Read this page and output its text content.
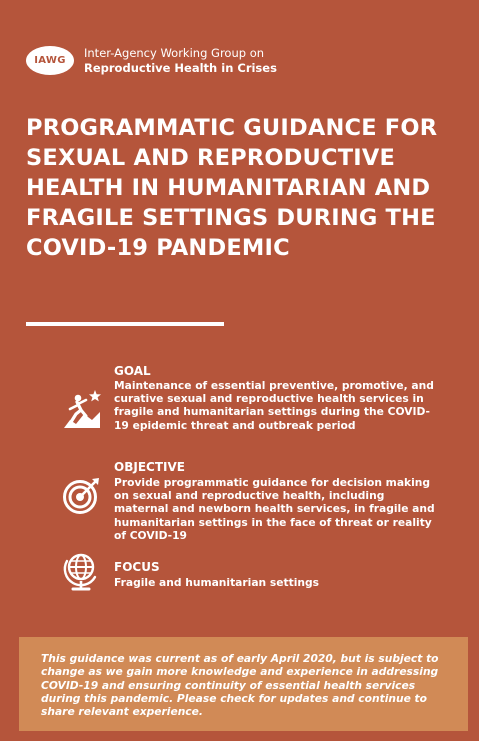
IAWG
Inter-Agency Working Group on
Reproductive Health in Crises
PROGRAMMATIC GUIDANCE FOR SEXUAL AND REPRODUCTIVE HEALTH IN HUMANITARIAN AND FRAGILE SETTINGS DURING THE COVID-19 PANDEMIC
GOAL
Maintenance of essential preventive, promotive, and curative sexual and reproductive health services in fragile and humanitarian settings during the COVID-19 epidemic threat and outbreak period
OBJECTIVE
Provide programmatic guidance for decision making on sexual and reproductive health, including maternal and newborn health services, in fragile and humanitarian settings in the face of threat or reality of COVID-19
FOCUS
Fragile and humanitarian settings
This guidance was current as of early April 2020, but is subject to change as we gain more knowledge and experience in addressing COVID-19 and ensuring continuity of essential health services during this pandemic. Please check for updates and continue to share relevant experience.
